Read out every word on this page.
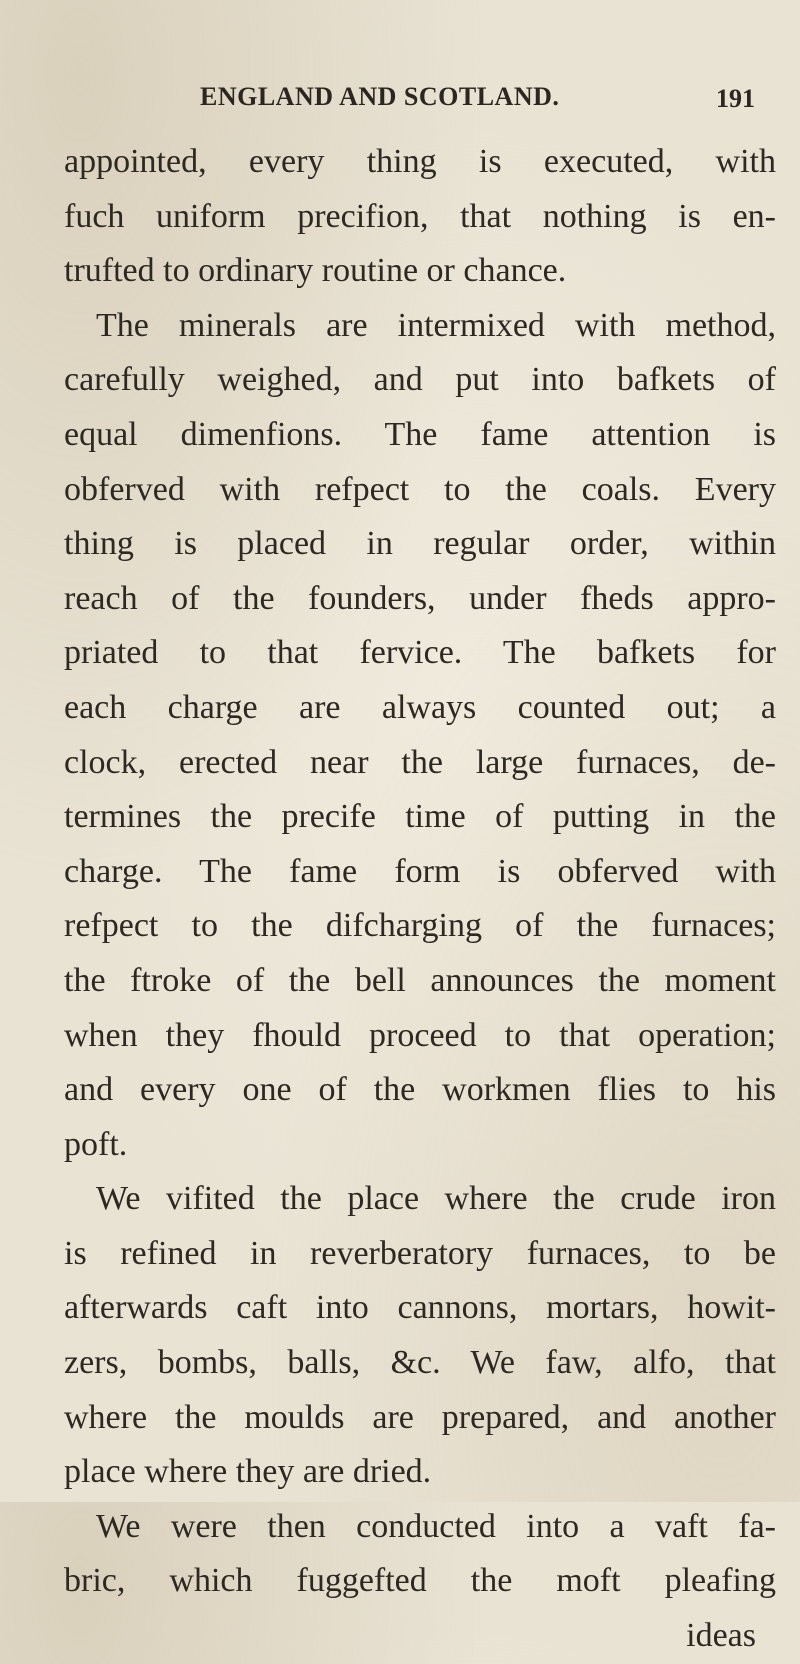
ENGLAND AND SCOTLAND.	191
appointed, every thing is executed, with
fuch uniform precifion, that nothing is en-
trufted to ordinary routine or chance.
The minerals are intermixed with method,
carefully weighed, and put into bafkets of
equal dimenfions. The fame attention is
obferved with refpect to the coals. Every
thing is placed in regular order, within
reach of the founders, under fheds appro-
priated to that fervice. The bafkets for
each charge are always counted out; a
clock, erected near the large furnaces, de-
termines the precife time of putting in the
charge. The fame form is obferved with
refpect to the difcharging of the furnaces;
the ftroke of the bell announces the moment
when they fhould proceed to that operation;
and every one of the workmen flies to his
poft.
We vifited the place where the crude iron
is refined in reverberatory furnaces, to be
afterwards caft into cannons, mortars, howit-
zers, bombs, balls, &c. We faw, alfo, that
where the moulds are prepared, and another
place where they are dried.
We were then conducted into a vaft fa-
bric, which fuggefted the moft pleafing
ideas
